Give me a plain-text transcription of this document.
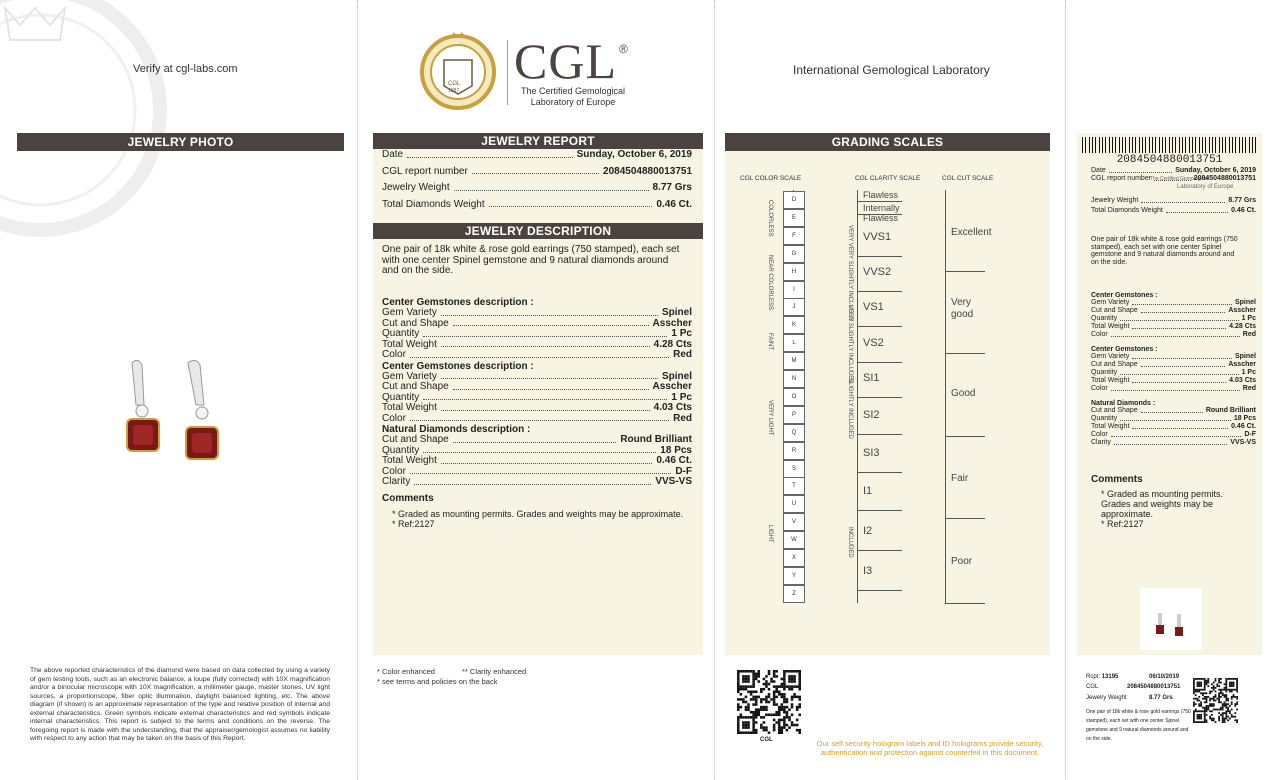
Verify at cgl-labs.com
CGL
1987
CGL ®
The Certified Gemological
Laboratory of Europe
International Gemological Laboratory
JEWELRY PHOTO	JEWELRY REPORT
Date	Sunday, October 6, 2019
CGL report number	2084504880013751
Jewelry Weight	8.77 Grs
Total Diamonds Weight	0.46 Ct.
JEWELRY DESCRIPTION
One pair of 18k white & rose gold earrings (750 stamped), each set with one center Spinel gemstone and 9 natural diamonds around and on the side.
Center Gemstones description :
Gem Variety	Spinel
Cut and Shape	Asscher
Quantity	1 Pc
Total Weight	4.28 Cts
Color	Red
Center Gemstones description :
Gem Variety	Spinel
Cut and Shape	Asscher
Quantity	1 Pc
Total Weight	4.03 Cts
Color	Red
Natural Diamonds description :
Cut and Shape	Round Brilliant
Quantity	18 Pcs
Total Weight	0.46 Ct.
Color	D-F
Clarity	VVS-VS
Comments
* Graded as mounting permits. Grades and weights may be approximate.
* Ref:2127
GRADING SCALES
CGL COLOR SCALE	CGL CLARITY SCALE	CGL CUT SCALE
D
E
F
G
H
I
J
K
L
M
N
O
P
Q
R
S
T
U
V
W
X
Y
Z
COLORLESS
NEAR COLORLESS
FAINT
VERY LIGHT
LIGHT
Flawless
Internally Flawless
VVS1
VVS2
VS1
VS2
SI1
SI2
SI3
I1
I2
I3
VERY VERY SLIGHTLY INCLUDED
VERY SLIGHTLY INCLUDED
SLIGHTLY INCLUDED
INCLUDED
Excellent
Very good
Good
Fair
Poor
2084504880013751
The Certified Gemological
Laboratory of Europe
Date	Sunday, October 6, 2019
CGL report number	2084504880013751
Jewelry Weight	8.77 Grs
Total Diamonds Weight	0.46 Ct.
One pair of 18k white & rose gold earrings (750 stamped), each set with one center Spinel gemstone and 9 natural diamonds around and on the side.
Center Gemstones :
Gem Variety	Spinel
Cut and Shape	Asscher
Quantity	1 Pc
Total Weight	4.28 Cts
Color	Red
Center Gemstones :
Gem Variety	Spinel
Cut and Shape	Asscher
Quantity	1 Pc
Total Weight	4.03 Cts
Color	Red
Natural Diamonds :
Cut and Shape	Round Brilliant
Quantity	18 Pcs
Total Weight	0.46 Ct.
Color	D-F
Clarity	VVS-VS
Comments
* Graded as mounting permits. Grades and weights may be approximate.
* Ref:2127
The above reported characteristics of the diamond were based on data collected by using a variety of gem testing tools, such as an electronic balance, a loupe (fully corrected) with 10X magnification and/or a binocular microscope with 10X magnification, a millimeter gauge, master stones, UV light sources, a proportionscope, fiber optic illumination, daylight balanced lighting, etc. The above diagram (if shown) is an approximate representation of the type and relative position of internal and external characteristics. Green symbols indicate external characteristics and red symbols indicate internal characteristics. This report is subject to the terms and conditions on the reverse. The foregoing report is made with the understanding, that the appraiser/gemologist assumes no liability with respect to any action that may be taken on the basis of this Report.
* Color enhanced	** Clarity enhanced
* see terms and policies on the back
CGL	Our self security hologram labels and ID holograms provide security, authentication and protection against counterfeit in this document.
Rcpt: 13195	06/10/2019
CGL	2084504880013751
Jewelry Weight	8.77 Grs
One pair of 18k white & rose gold earrings (750 stamped), each set with one center Spinel gemstone and 9 natural diamonds around and on the side.
